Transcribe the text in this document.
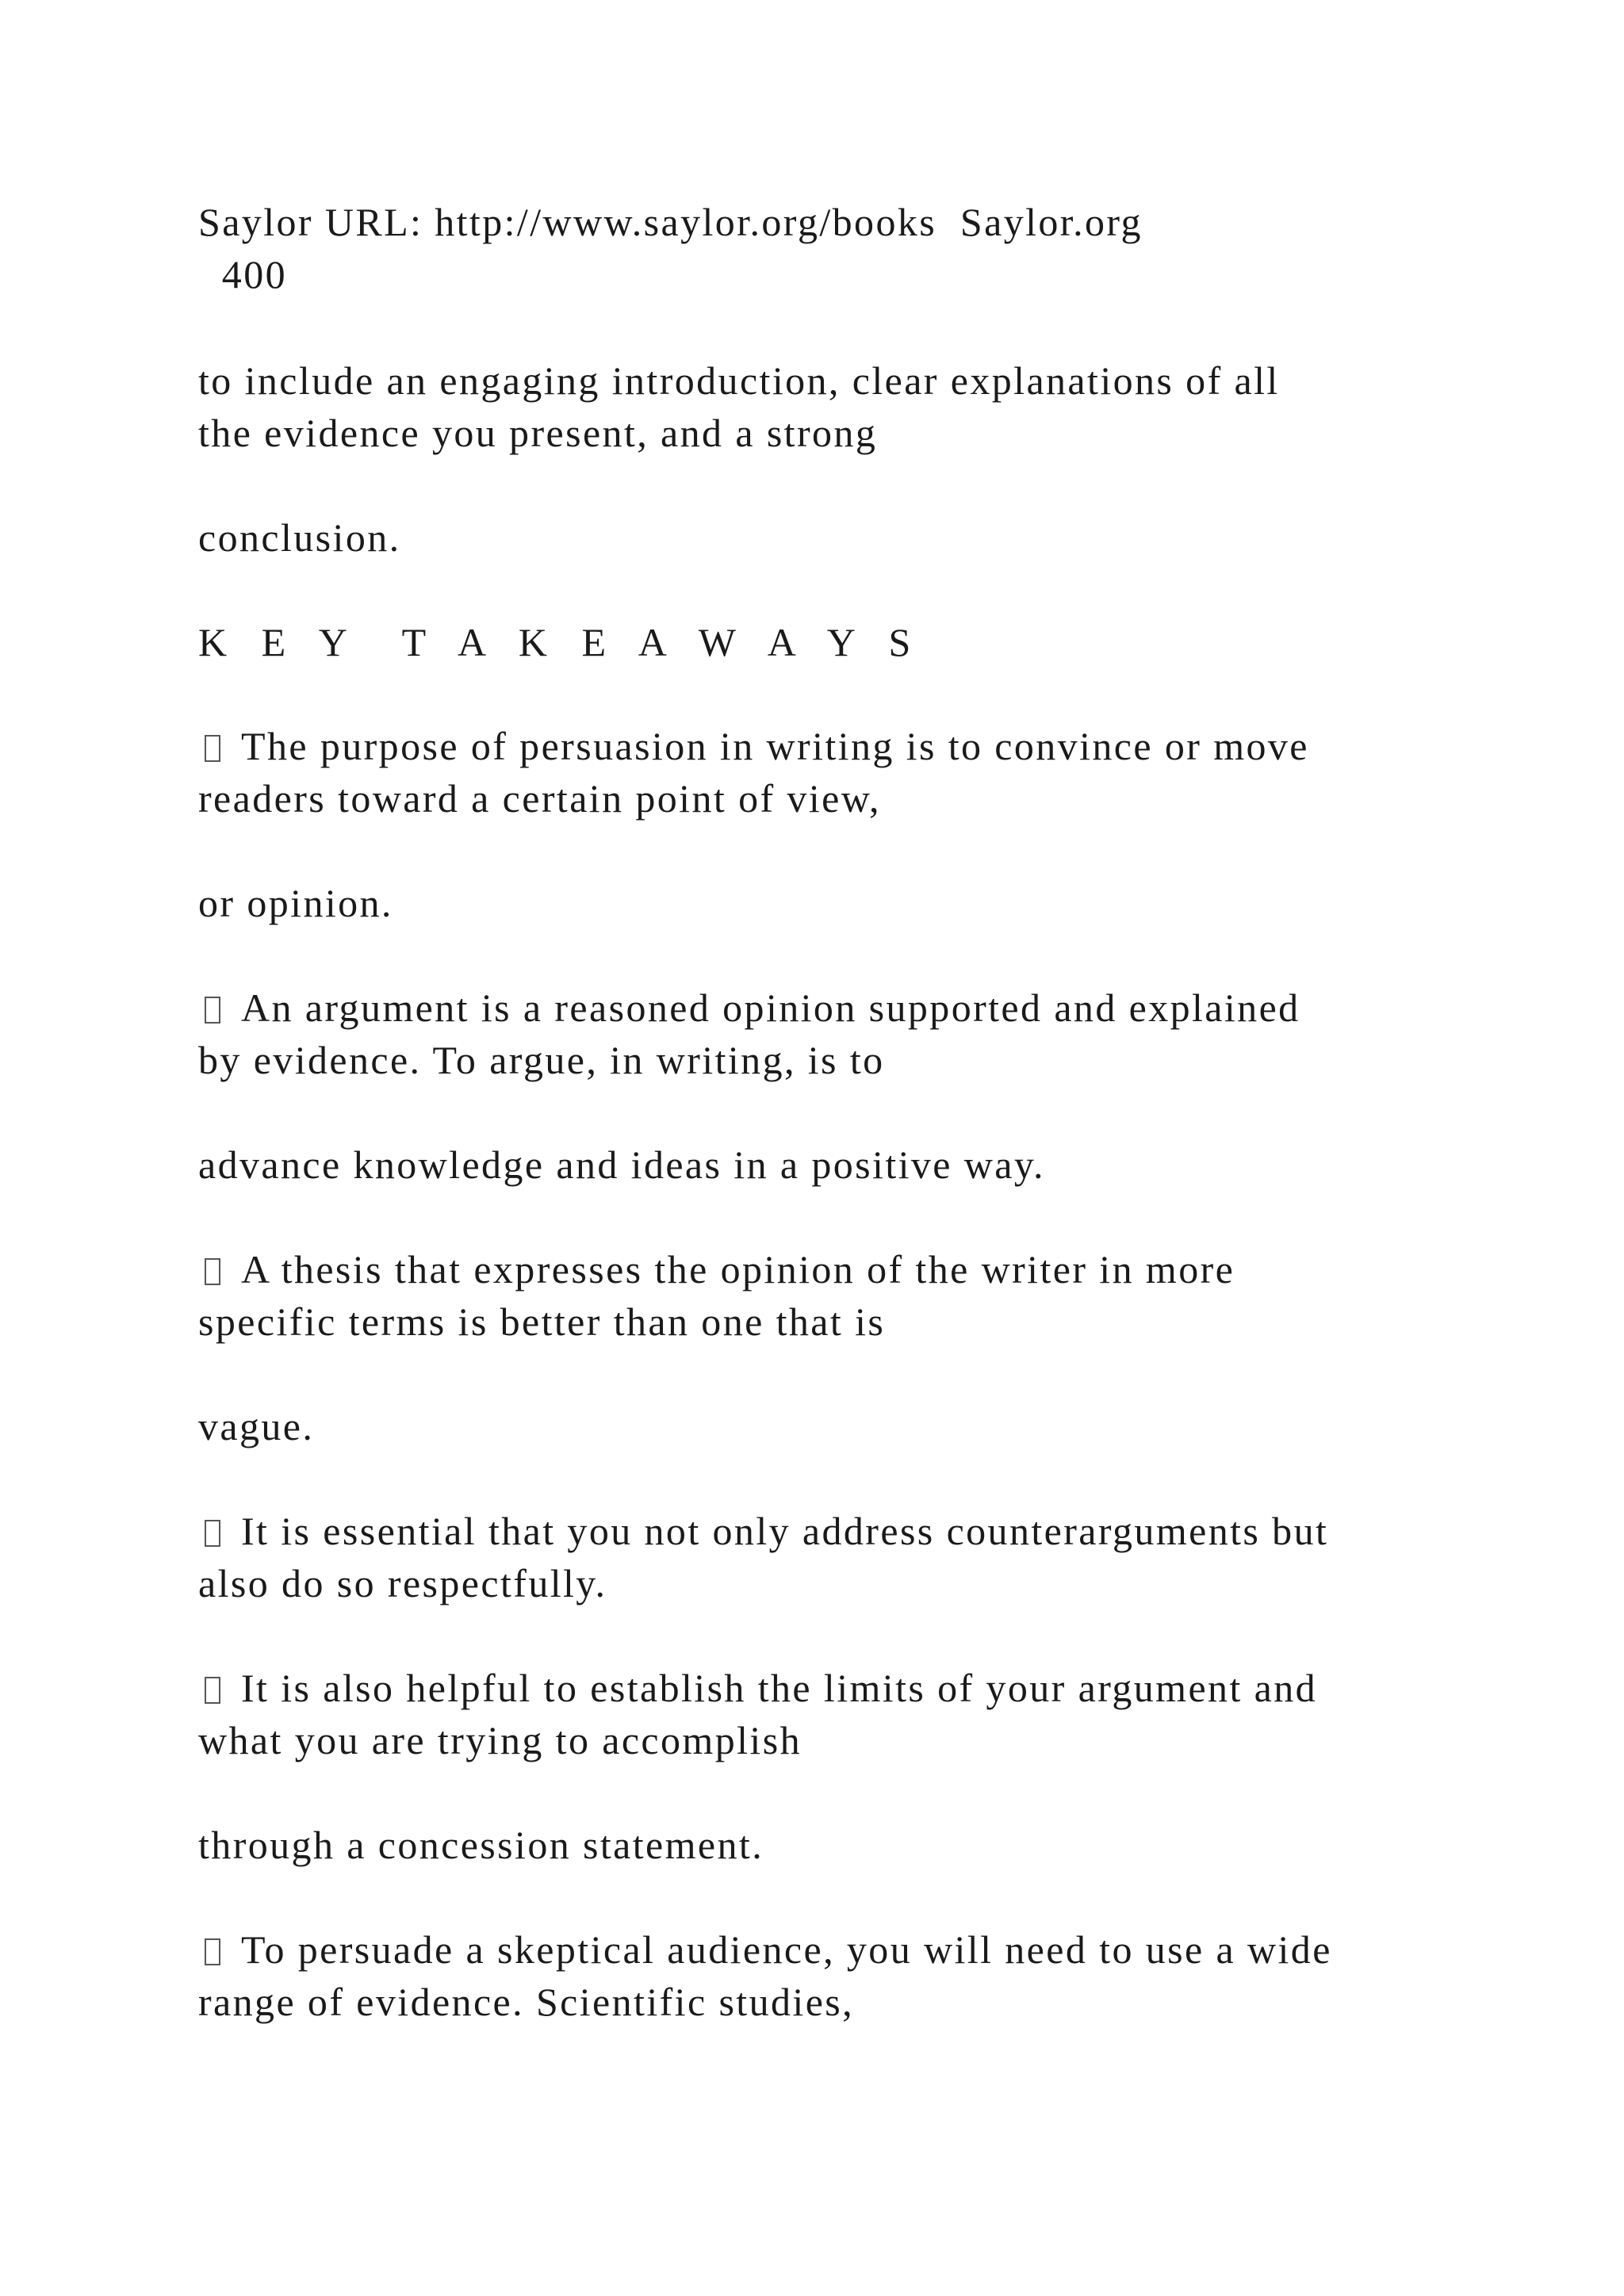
Saylor URL: http://www.saylor.org/books  Saylor.org

400

to include an engaging introduction, clear explanations of all

the evidence you present, and a strong

conclusion.

K E Y  T A K E A W A Y S

The purpose of persuasion in writing is to convince or move

readers toward a certain point of view,

or opinion.

An argument is a reasoned opinion supported and explained

by evidence. To argue, in writing, is to

advance knowledge and ideas in a positive way.

A thesis that expresses the opinion of the writer in more

specific terms is better than one that is

vague.

It is essential that you not only address counterarguments but

also do so respectfully.

It is also helpful to establish the limits of your argument and

what you are trying to accomplish

through a concession statement.

To persuade a skeptical audience, you will need to use a wide

range of evidence. Scientific studies,
